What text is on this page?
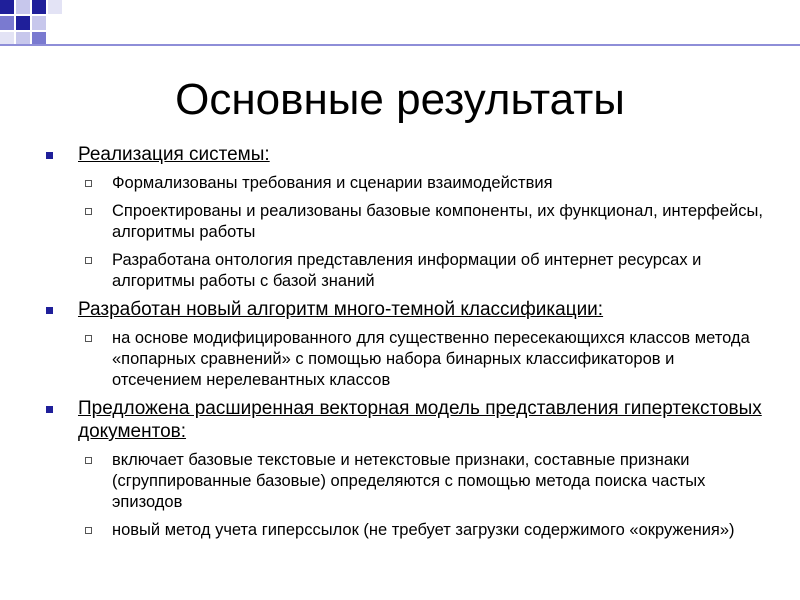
Основные результаты
Реализация системы:
Формализованы требования и сценарии взаимодействия
Спроектированы и реализованы базовые компоненты, их функционал, интерфейсы, алгоритмы работы
Разработана онтология представления информации об интернет ресурсах и алгоритмы работы с базой знаний
Разработан новый алгоритм много-темной классификации:
на основе модифицированного для существенно пересекающихся классов метода «попарных сравнений» с помощью набора бинарных классификаторов и отсечением нерелевантных классов
Предложена расширенная векторная модель представления гипертекстовых документов:
включает базовые текстовые и нетекстовые признаки, составные признаки (сгруппированные базовые) определяются с помощью метода поиска частых эпизодов
новый метод учета гиперссылок (не требует загрузки содержимого «окружения»)
